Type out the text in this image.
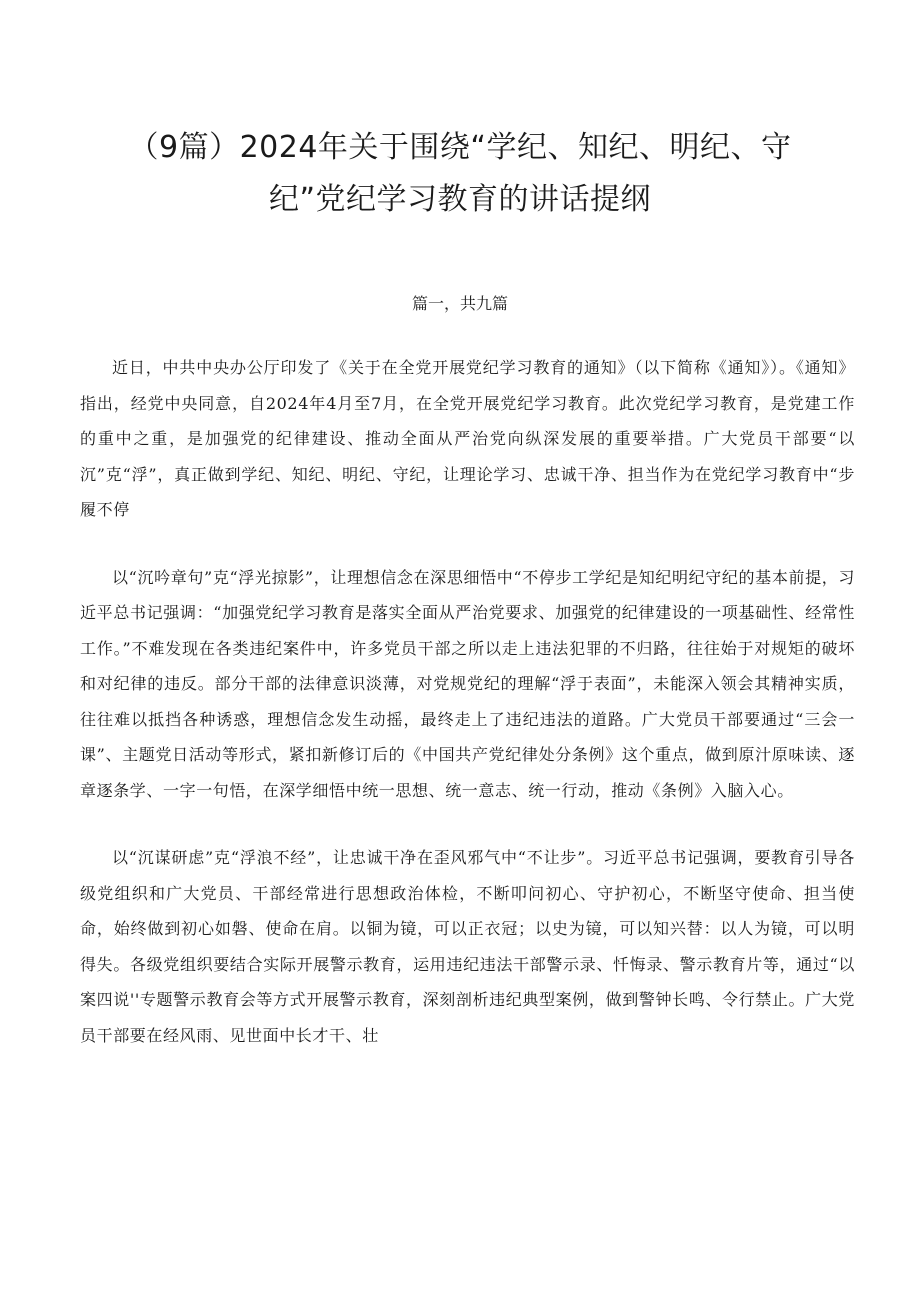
（9篇）2024年关于围绕“学纪、知纪、明纪、守
纪”党纪学习教育的讲话提纲
篇一，共九篇

近日，中共中央办公厅印发了《关于在全党开展党纪学习教育的通知》（以下简称《通知》）。《通知》指出，经党中央同意，自2024年4月至7月，在全党开展党纪学习教育。此次党纪学习教育，是党建工作的重中之重，是加强党的纪律建设、推动全面从严治党向纵深发展的重要举措。广大党员干部要“以沉”克“浮”，真正做到学纪、知纪、明纪、守纪，让理论学习、忠诚干净、担当作为在党纪学习教育中“步履不停

以“沉吟章句”克“浮光掠影”，让理想信念在深思细悟中“不停步工学纪是知纪明纪守纪的基本前提，习近平总书记强调：“加强党纪学习教育是落实全面从严治党要求、加强党的纪律建设的一项基础性、经常性工作。”不难发现在各类违纪案件中，许多党员干部之所以走上违法犯罪的不归路，往往始于对规矩的破坏和对纪律的违反。部分干部的法律意识淡薄，对党规党纪的理解“浮于表面”，未能深入领会其精神实质，往往难以抵挡各种诱惑，理想信念发生动摇，最终走上了违纪违法的道路。广大党员干部要通过“三会一课”、主题党日活动等形式，紧扣新修订后的《中国共产党纪律处分条例》这个重点，做到原汁原味读、逐章逐条学、一字一句悟，在深学细悟中统一思想、统一意志、统一行动，推动《条例》入脑入心。

以“沉谋研虑”克“浮浪不经”，让忠诚干净在歪风邪气中“不让步”。习近平总书记强调，要教育引导各级党组织和广大党员、干部经常进行思想政治体检，不断叩问初心、守护初心，不断坚守使命、担当使命，始终做到初心如磐、使命在肩。以铜为镜，可以正衣冠；以史为镜，可以知兴替：以人为镜，可以明得失。各级党组织要结合实际开展警示教育，运用违纪违法干部警示录、忏悔录、警示教育片等，通过“以案四说''专题警示教育会等方式开展警示教育，深刻剖析违纪典型案例，做到警钟长鸣、令行禁止。广大党员干部要在经风雨、见世面中长才干、壮
